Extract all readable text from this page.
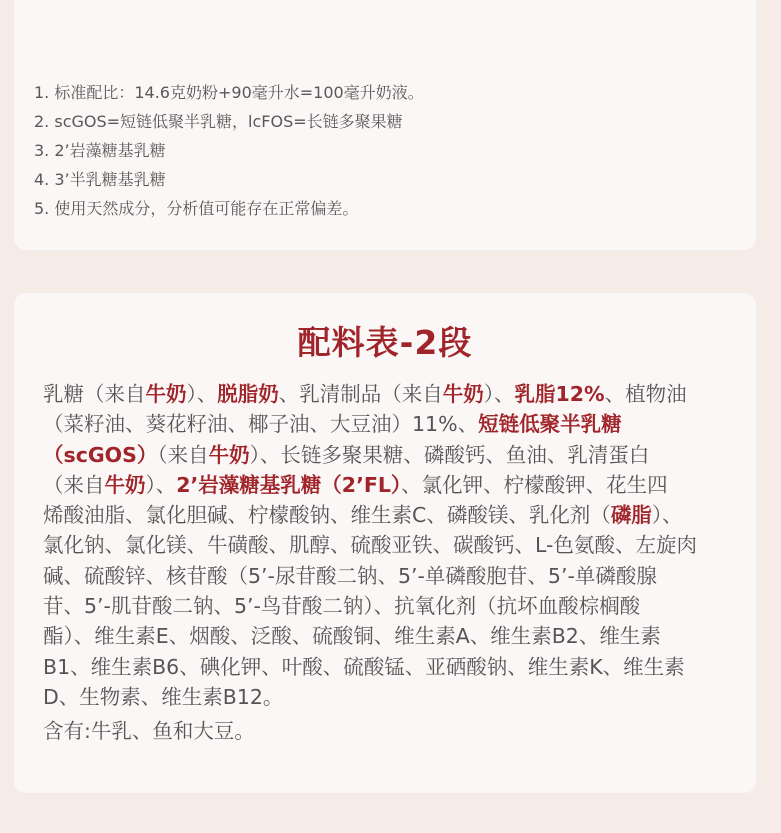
1. 标准配比：14.6克奶粉+90毫升水=100毫升奶液。
2. scGOS=短链低聚半乳糖，lcFOS=长链多聚果糖
3. 2’岩藻糖基乳糖
4. 3’半乳糖基乳糖
5. 使用天然成分，分析值可能存在正常偏差。
配料表-2段
乳糖（来自牛奶）、脱脂奶、乳清制品（来自牛奶）、乳脂12%、植物油
（菜籽油、葵花籽油、椰子油、大豆油）11%、短链低聚半乳糖
（scGOS）（来自牛奶）、长链多聚果糖、磷酸钙、鱼油、乳清蛋白
（来自牛奶）、2’岩藻糖基乳糖（2’FL）、氯化钾、柠檬酸钾、花生四
烯酸油脂、氯化胆碱、柠檬酸钠、维生素C、磷酸镁、乳化剂（磷脂）、
氯化钠、氯化镁、牛磺酸、肌醇、硫酸亚铁、碳酸钙、L-色氨酸、左旋肉
碱、硫酸锌、核苷酸（5’-尿苷酸二钠、5’-单磷酸胞苷、5’-单磷酸腺
苷、5’-肌苷酸二钠、5’-鸟苷酸二钠）、抗氧化剂（抗坏血酸棕榈酸
酯）、维生素E、烟酸、泛酸、硫酸铜、维生素A、维生素B2、维生素
B1、维生素B6、碘化钾、叶酸、硫酸锰、亚硒酸钠、维生素K、维生素
D、生物素、维生素B12。
含有:牛乳、鱼和大豆。
